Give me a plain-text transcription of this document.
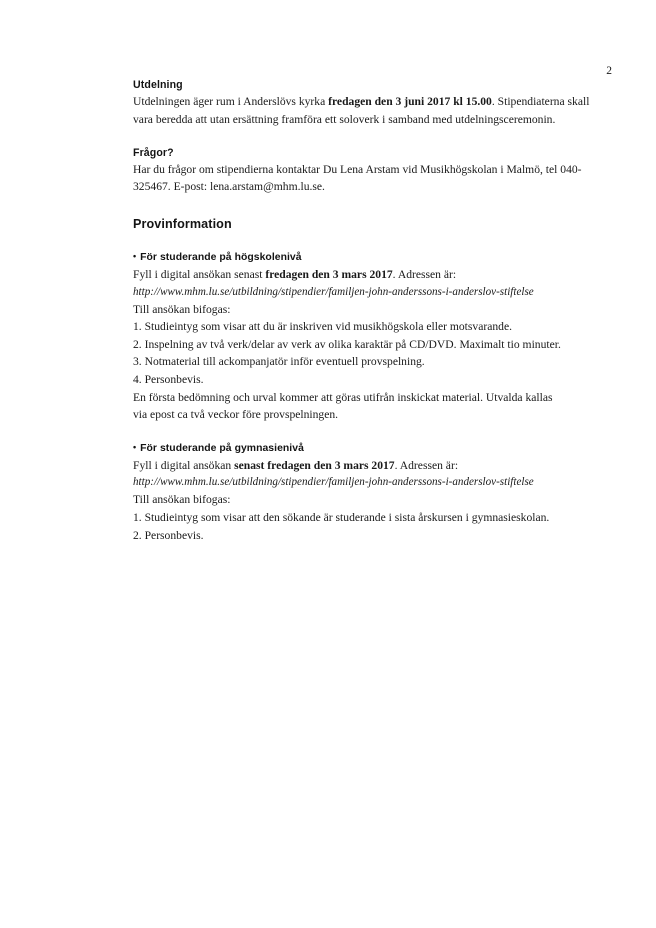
2
Utdelning

Utdelningen äger rum i Anderslövs kyrka fredagen den 3 juni 2017 kl 15.00. Stipendiaterna skall vara beredda att utan ersättning framföra ett soloverk i samband med utdelningsceremonin.

Frågor?

Har du frågor om stipendierna kontaktar Du Lena Arstam vid Musikhögskolan i Malmö, tel 040-325467. E-post: lena.arstam@mhm.lu.se.

Provinformation
• För studerande på högskolenivå
Fyll i digital ansökan senast fredagen den 3 mars 2017. Adressen är:
http://www.mhm.lu.se/utbildning/stipendier/familjen-john-anderssons-i-anderslov-stiftelse
Till ansökan bifogas:
1. Studieintyg som visar att du är inskriven vid musikhögskola eller motsvarande.
2. Inspelning av två verk/delar av verk av olika karaktär på CD/DVD. Maximalt tio minuter.
3. Notmaterial till ackompanjatör inför eventuell provspelning.
4. Personbevis.
En första bedömning och urval kommer att göras utifrån inskickat material. Utvalda kallas
via epost ca två veckor före provspelningen.
• För studerande på gymnasienivå
Fyll i digital ansökan senast fredagen den 3 mars 2017. Adressen är:
http://www.mhm.lu.se/utbildning/stipendier/familjen-john-anderssons-i-anderslov-stiftelse
Till ansökan bifogas:
1. Studieintyg som visar att den sökande är studerande i sista årskursen i gymnasieskolan.
2. Personbevis.
